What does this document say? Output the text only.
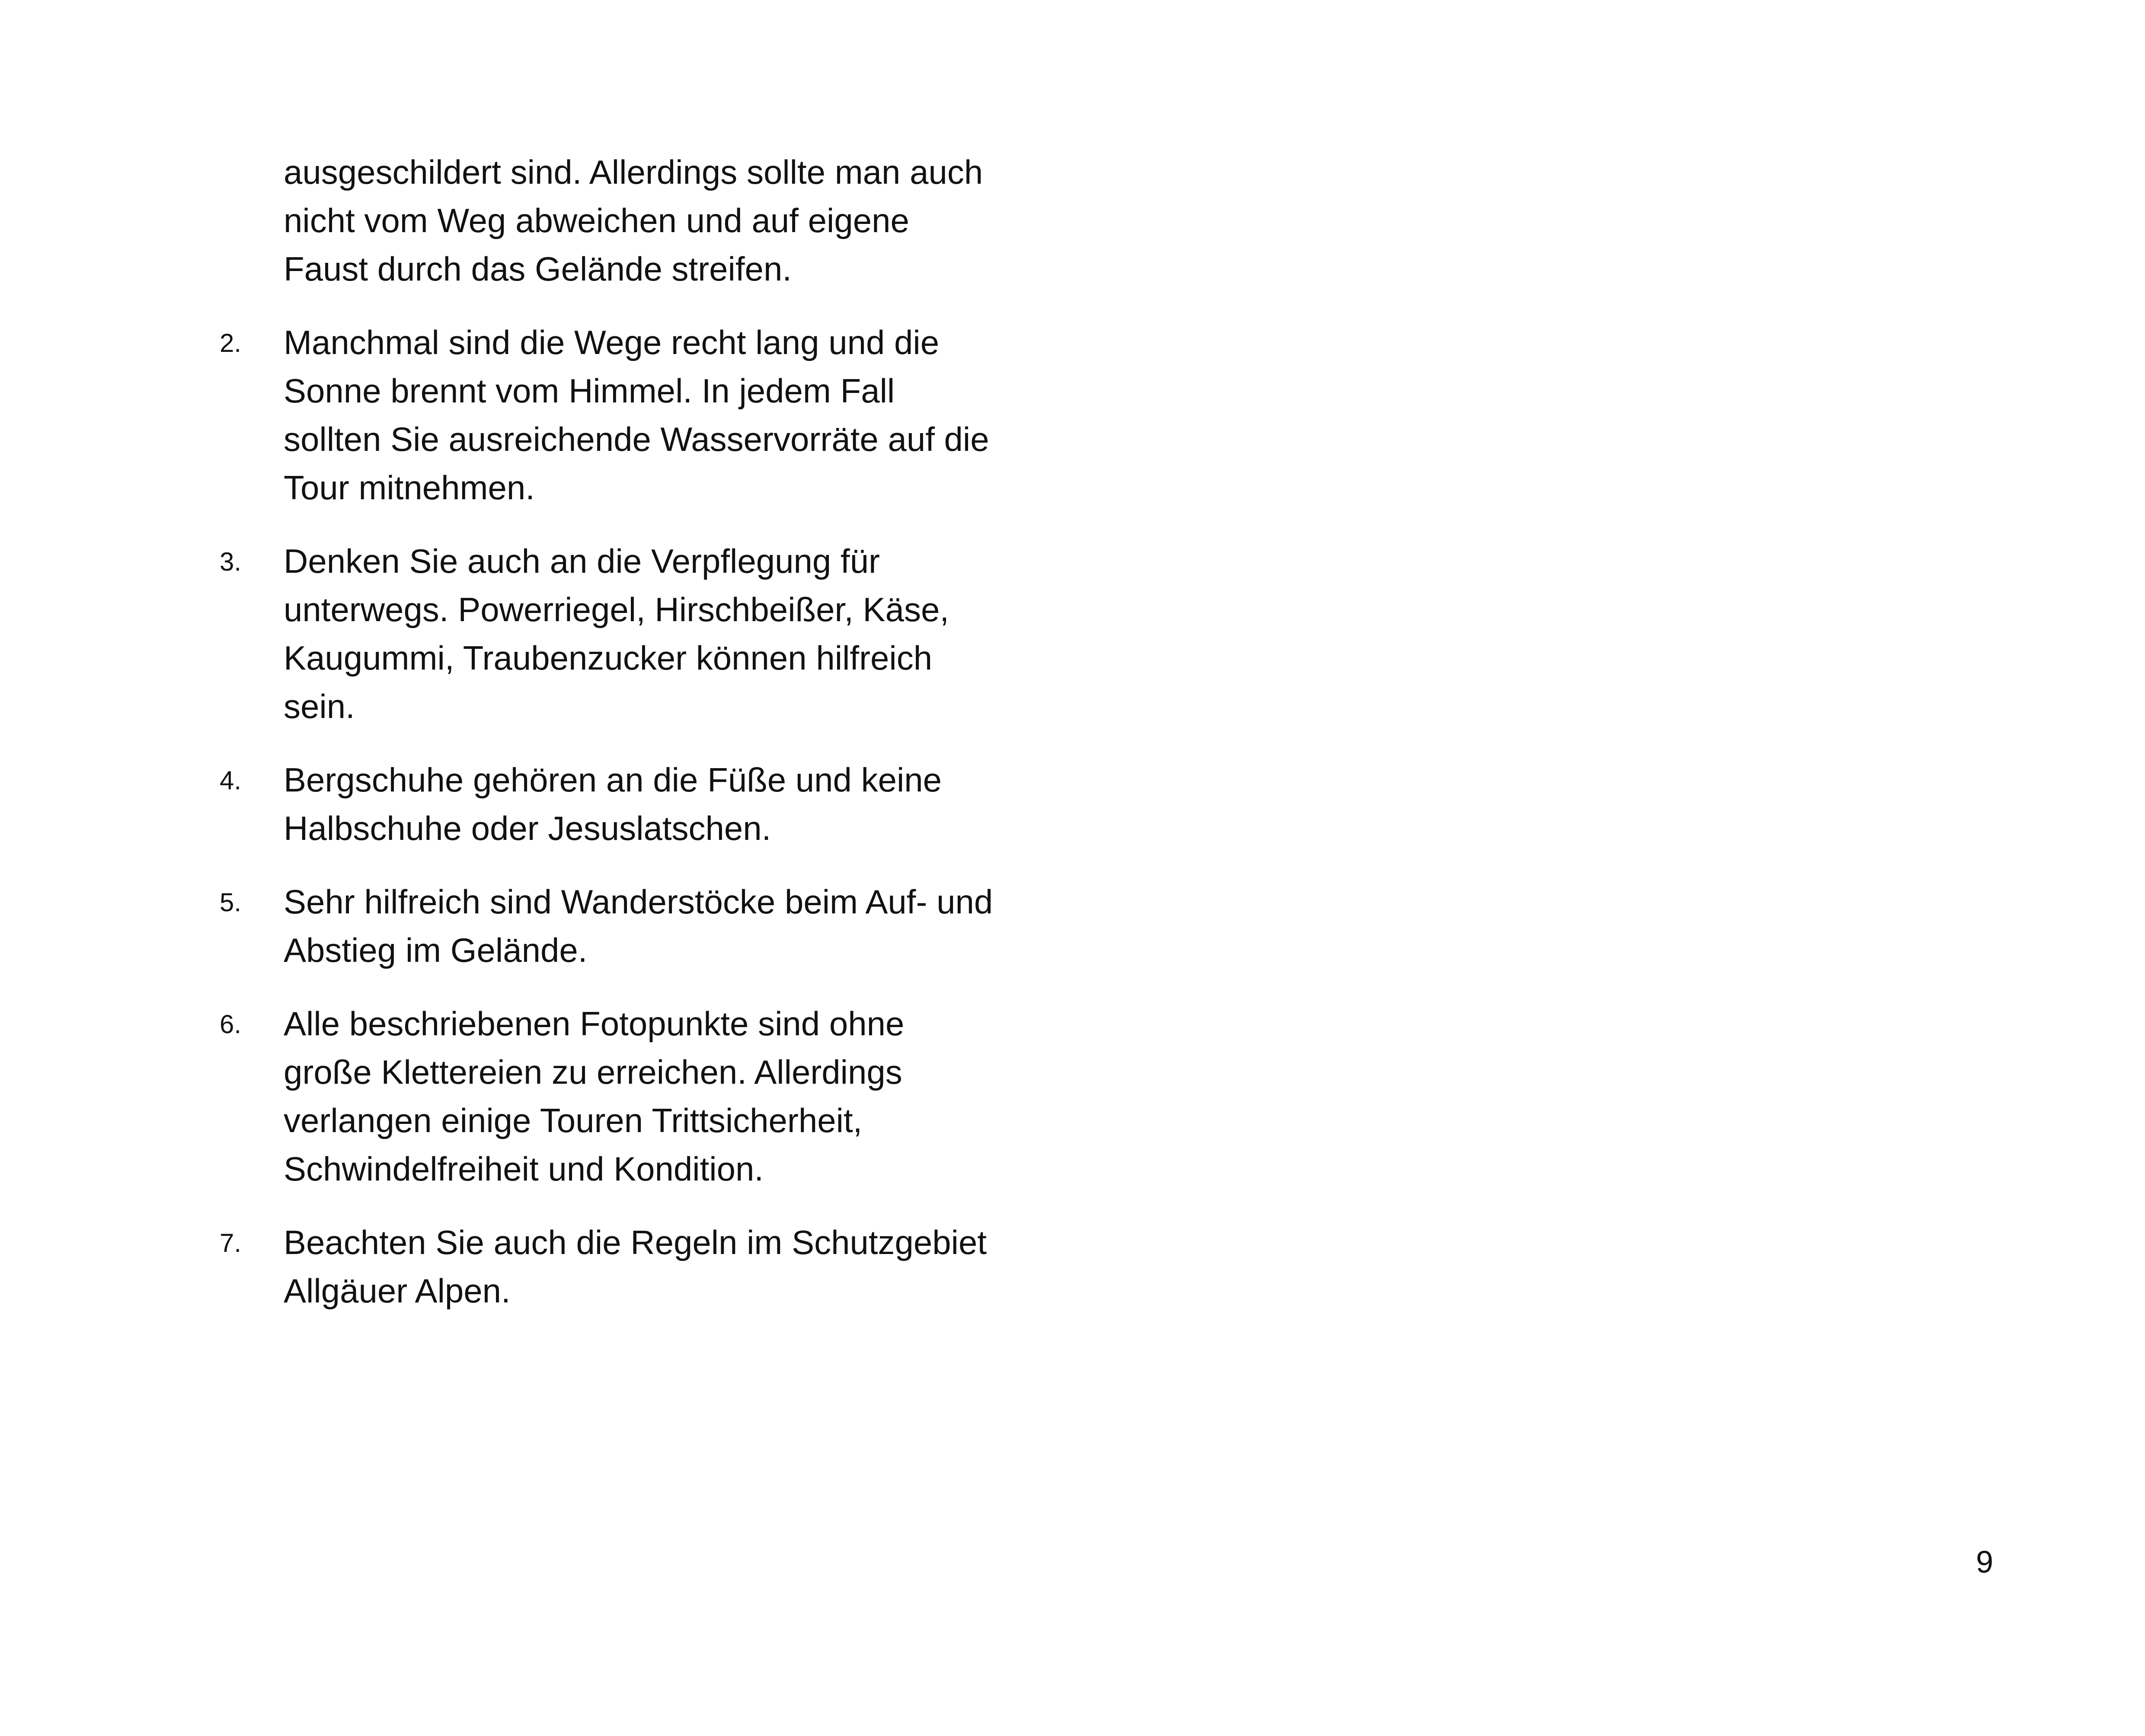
ausgeschildert sind. Allerdings sollte man auch
nicht vom Weg abweichen und auf eigene
Faust durch das Gelände streifen.
2. Manchmal sind die Wege recht lang und die
Sonne brennt vom Himmel. In jedem Fall
sollten Sie ausreichende Wasservorräte auf die
Tour mitnehmen.
3. Denken Sie auch an die Verpflegung für
unterwegs. Powerriegel, Hirschbeißer, Käse,
Kaugummi, Traubenzucker können hilfreich
sein.
4. Bergschuhe gehören an die Füße und keine
Halbschuhe oder Jesuslatschen.
5. Sehr hilfreich sind Wanderstöcke beim Auf- und
Abstieg im Gelände.
6. Alle beschriebenen Fotopunkte sind ohne
große Klettereien zu erreichen. Allerdings
verlangen einige Touren Trittsicherheit,
Schwindelfreiheit und Kondition.
7. Beachten Sie auch die Regeln im Schutzgebiet
Allgäuer Alpen.
9
